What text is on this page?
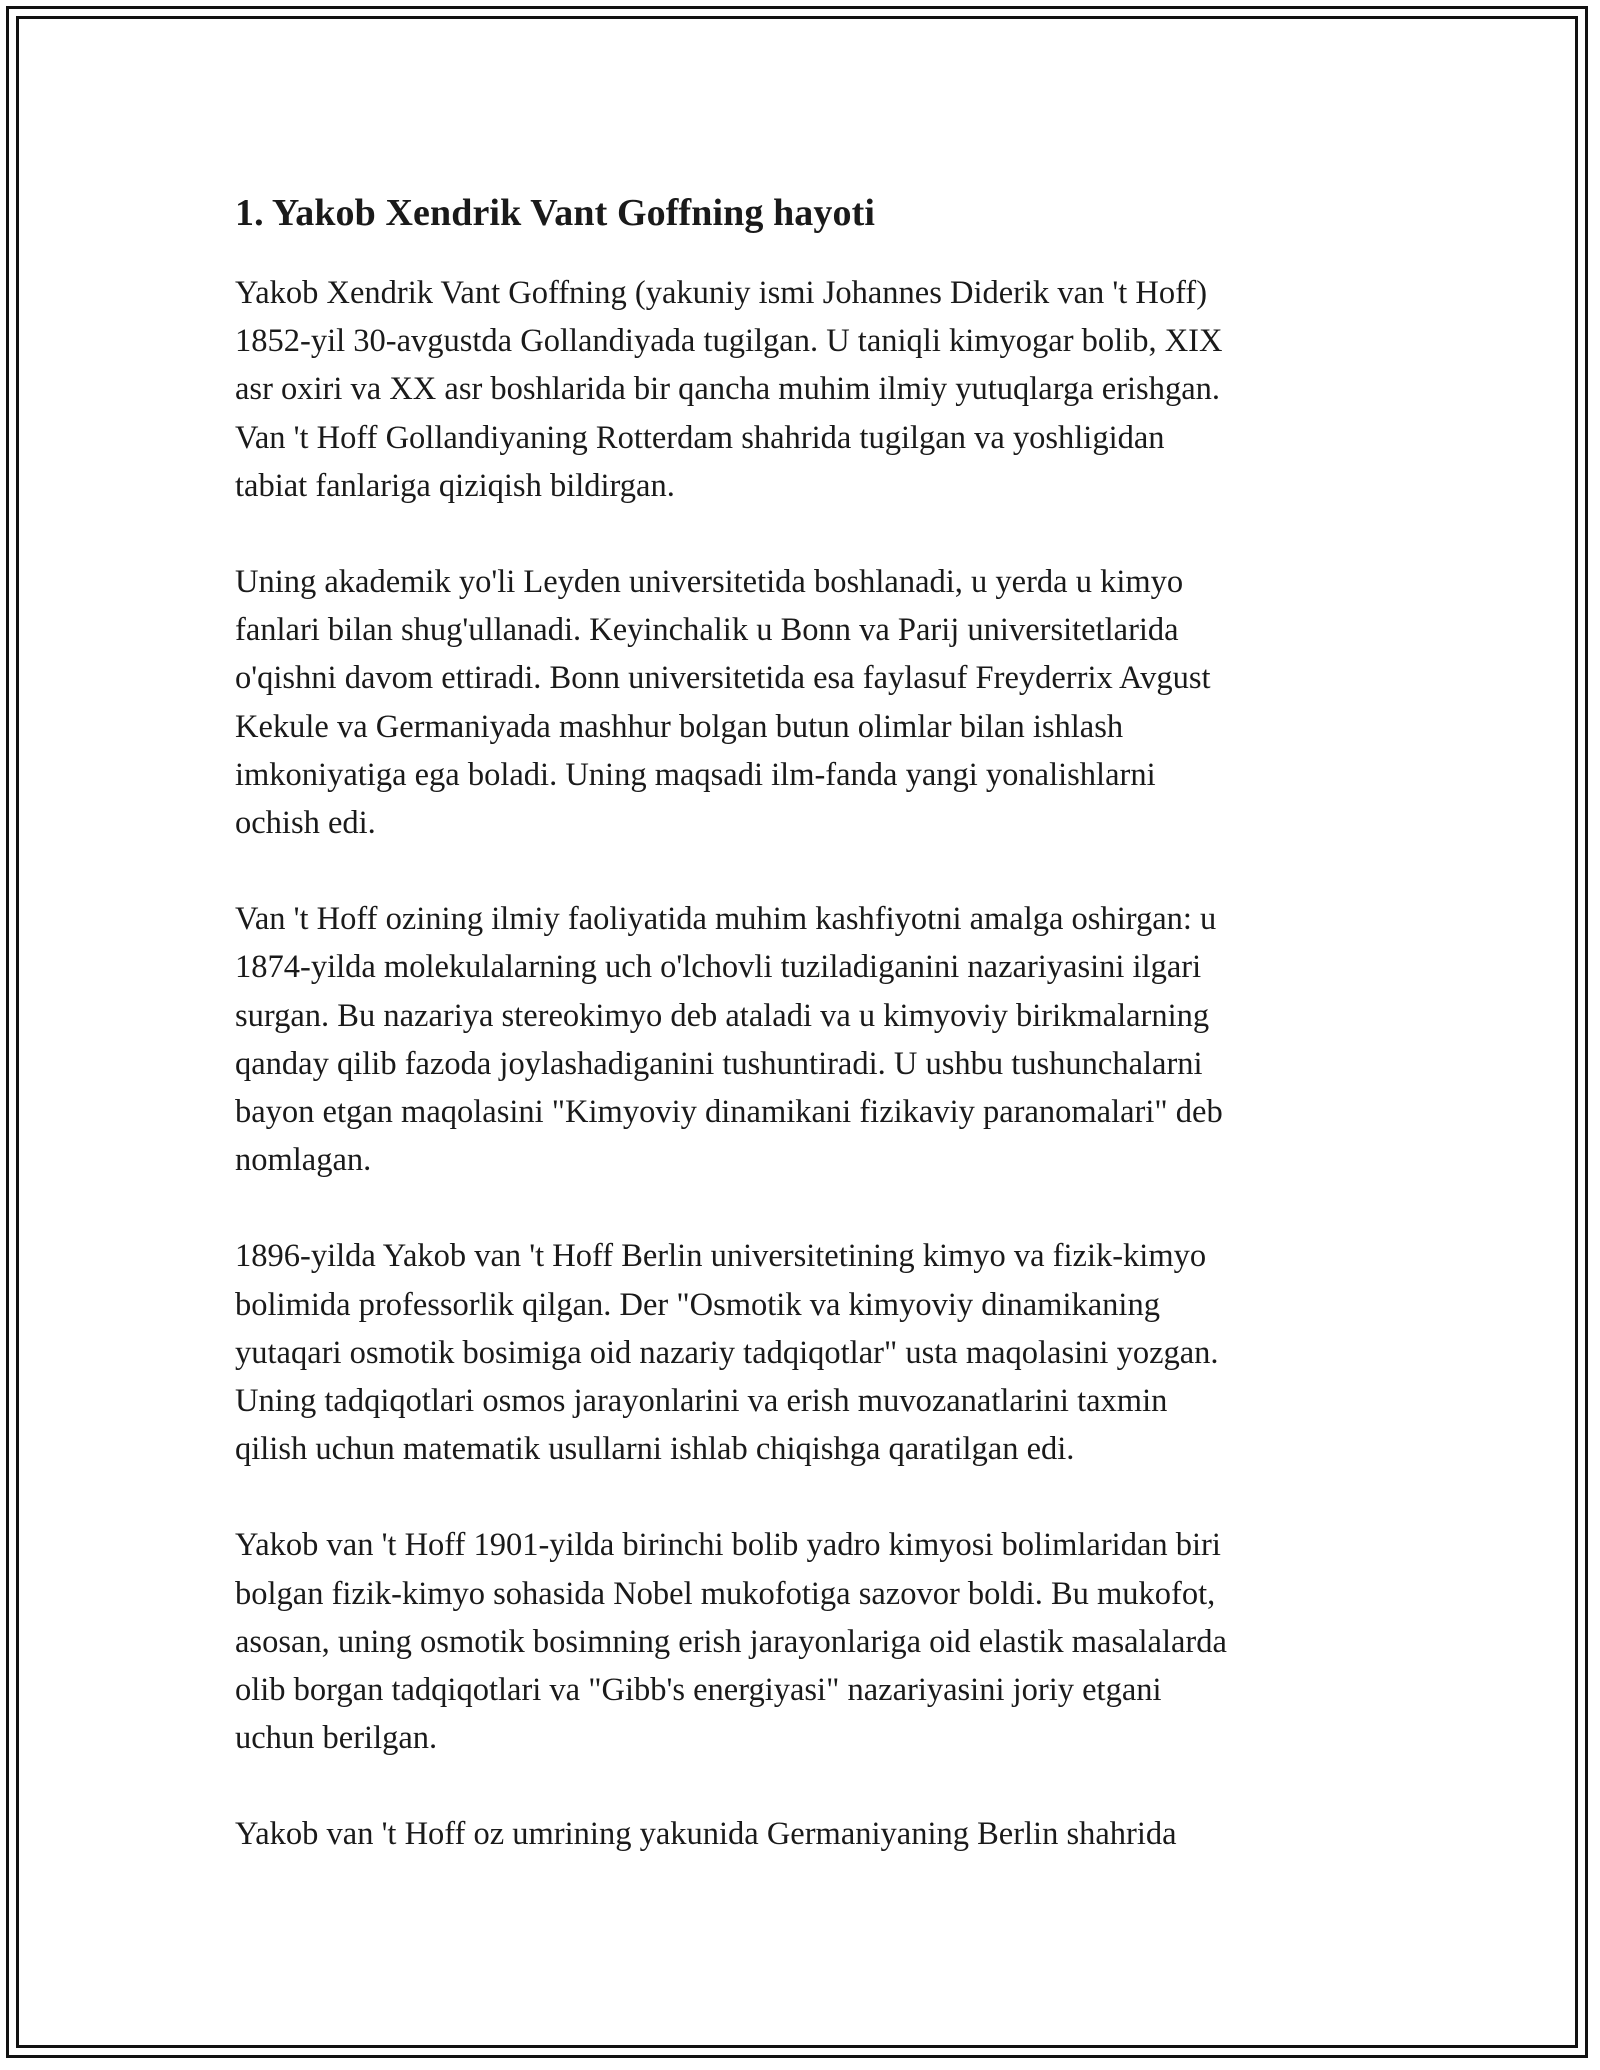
1. Yakob Xendrik Vant Goffning hayoti

Yakob Xendrik Vant Goffning (yakuniy ismi Johannes Diderik van 't Hoff)
1852-yil 30-avgustda Gollandiyada tugilgan. U taniqli kimyogar bolib, XIX
asr oxiri va XX asr boshlarida bir qancha muhim ilmiy yutuqlarga erishgan.
Van 't Hoff Gollandiyaning Rotterdam shahrida tugilgan va yoshligidan
tabiat fanlariga qiziqish bildirgan.

Uning akademik yo'li Leyden universitetida boshlanadi, u yerda u kimyo
fanlari bilan shug'ullanadi. Keyinchalik u Bonn va Parij universitetlarida
o'qishni davom ettiradi. Bonn universitetida esa faylasuf Freyderrix Avgust
Kekule va Germaniyada mashhur bolgan butun olimlar bilan ishlash
imkoniyatiga ega boladi. Uning maqsadi ilm-fanda yangi yonalishlarni
ochish edi.

Van 't Hoff ozining ilmiy faoliyatida muhim kashfiyotni amalga oshirgan: u
1874-yilda molekulalarning uch o'lchovli tuziladiganini nazariyasini ilgari
surgan. Bu nazariya stereokimyo deb ataladi va u kimyoviy birikmalarning
qanday qilib fazoda joylashadiganini tushuntiradi. U ushbu tushunchalarni
bayon etgan maqolasini "Kimyoviy dinamikani fizikaviy paranomalari" deb
nomlagan.

1896-yilda Yakob van 't Hoff Berlin universitetining kimyo va fizik-kimyo
bolimida professorlik qilgan. Der "Osmotik va kimyoviy dinamikaning
yutaqari osmotik bosimiga oid nazariy tadqiqotlar" usta maqolasini yozgan.
Uning tadqiqotlari osmos jarayonlarini va erish muvozanatlarini taxmin
qilish uchun matematik usullarni ishlab chiqishga qaratilgan edi.

Yakob van 't Hoff 1901-yilda birinchi bolib yadro kimyosi bolimlaridan biri
bolgan fizik-kimyo sohasida Nobel mukofotiga sazovor boldi. Bu mukofot,
asosan, uning osmotik bosimning erish jarayonlariga oid elastik masalalarda
olib borgan tadqiqotlari va "Gibb's energiyasi" nazariyasini joriy etgani
uchun berilgan.

Yakob van 't Hoff oz umrining yakunida Germaniyaning Berlin shahrida
